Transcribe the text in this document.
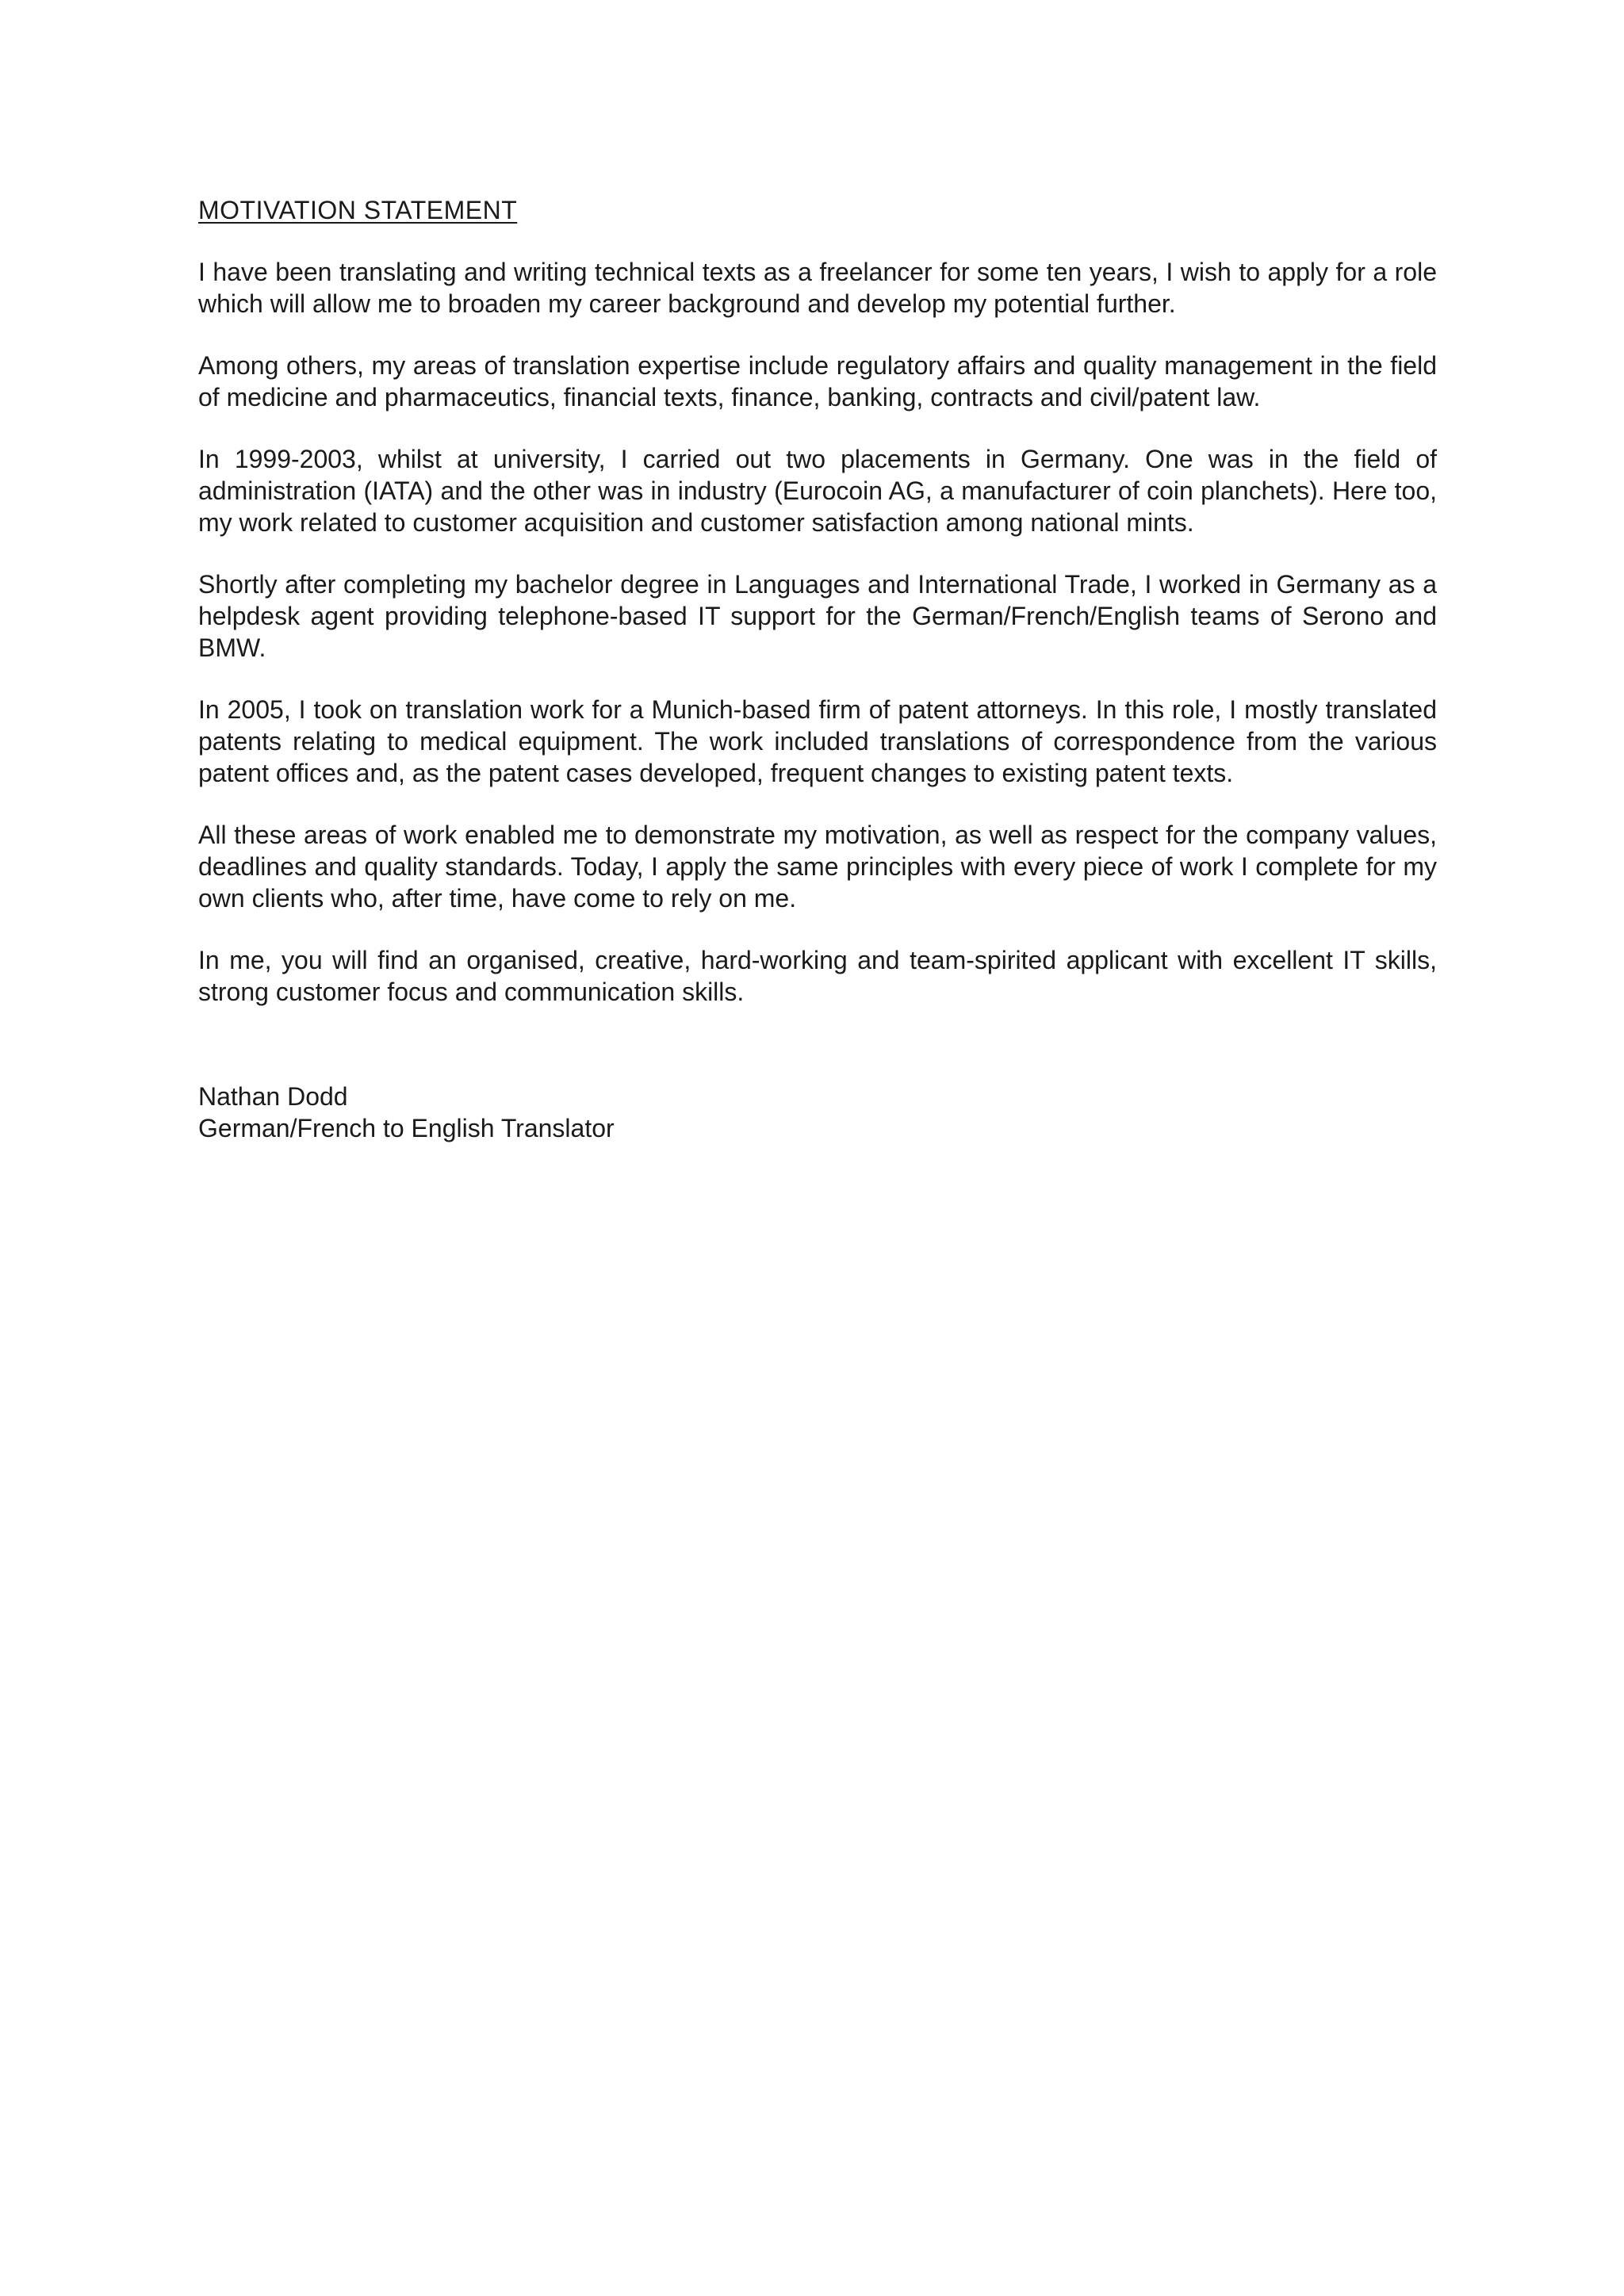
MOTIVATION STATEMENT

I have been translating and writing technical texts as a freelancer for some ten years, I wish to apply for a role which will allow me to broaden my career background and develop my potential further.

Among others, my areas of translation expertise include regulatory affairs and quality management in the field of medicine and pharmaceutics, financial texts, finance, banking, contracts and civil/patent law.

In 1999-2003, whilst at university, I carried out two placements in Germany. One was in the field of administration (IATA) and the other was in industry (Eurocoin AG, a manufacturer of coin planchets). Here too, my work related to customer acquisition and customer satisfaction among national mints.

Shortly after completing my bachelor degree in Languages and International Trade, I worked in Germany as a helpdesk agent providing telephone-based IT support for the German/French/English teams of Serono and BMW.

In 2005, I took on translation work for a Munich-based firm of patent attorneys. In this role, I mostly translated patents relating to medical equipment. The work included translations of correspondence from the various patent offices and, as the patent cases developed, frequent changes to existing patent texts.

All these areas of work enabled me to demonstrate my motivation, as well as respect for the company values, deadlines and quality standards. Today, I apply the same principles with every piece of work I complete for my own clients who, after time, have come to rely on me.

In me, you will find an organised, creative, hard-working and team-spirited applicant with excellent IT skills, strong customer focus and communication skills.

Nathan Dodd
German/French to English Translator
